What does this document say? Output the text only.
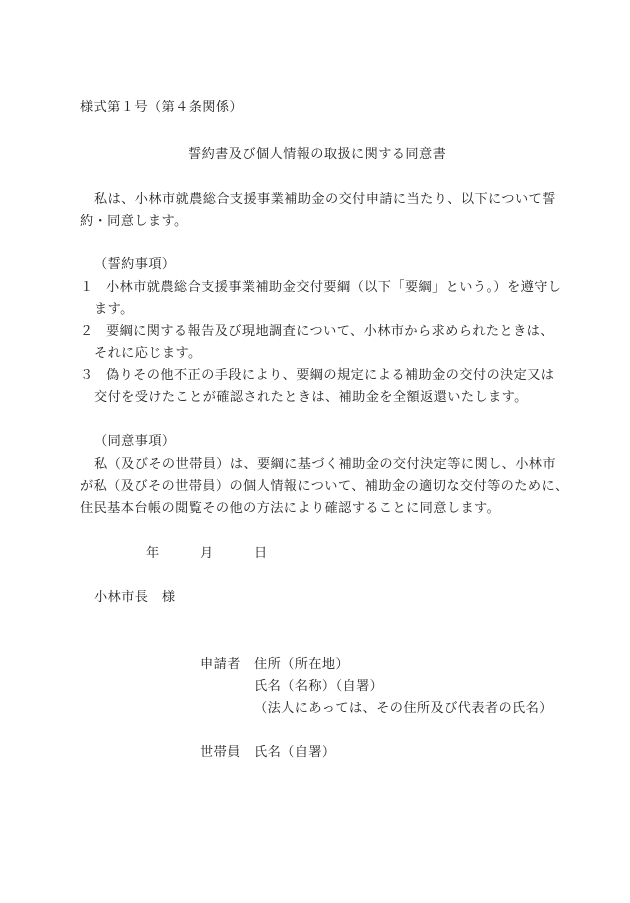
様式第１号（第４条関係）
誓約書及び個人情報の取扱に関する同意書
私は、小林市就農総合支援事業補助金の交付申請に当たり、以下について誓
約・同意します。
（誓約事項）
１ 小林市就農総合支援事業補助金交付要綱（以下「要綱」という。）を遵守し
ます。
２ 要綱に関する報告及び現地調査について、小林市から求められたときは、
それに応じます。
３ 偽りその他不正の手段により、要綱の規定による補助金の交付の決定又は
交付を受けたことが確認されたときは、補助金を全額返還いたします。
（同意事項）
私（及びその世帯員）は、要綱に基づく補助金の交付決定等に関し、小林市
が私（及びその世帯員）の個人情報について、補助金の適切な交付等のために、
住民基本台帳の閲覧その他の方法により確認することに同意します。
年	月	日
小林市長　様
申請者 住所（所在地）
氏名（名称）（自署）
（法人にあっては、その住所及び代表者の氏名）
世帯員 氏名（自署）
